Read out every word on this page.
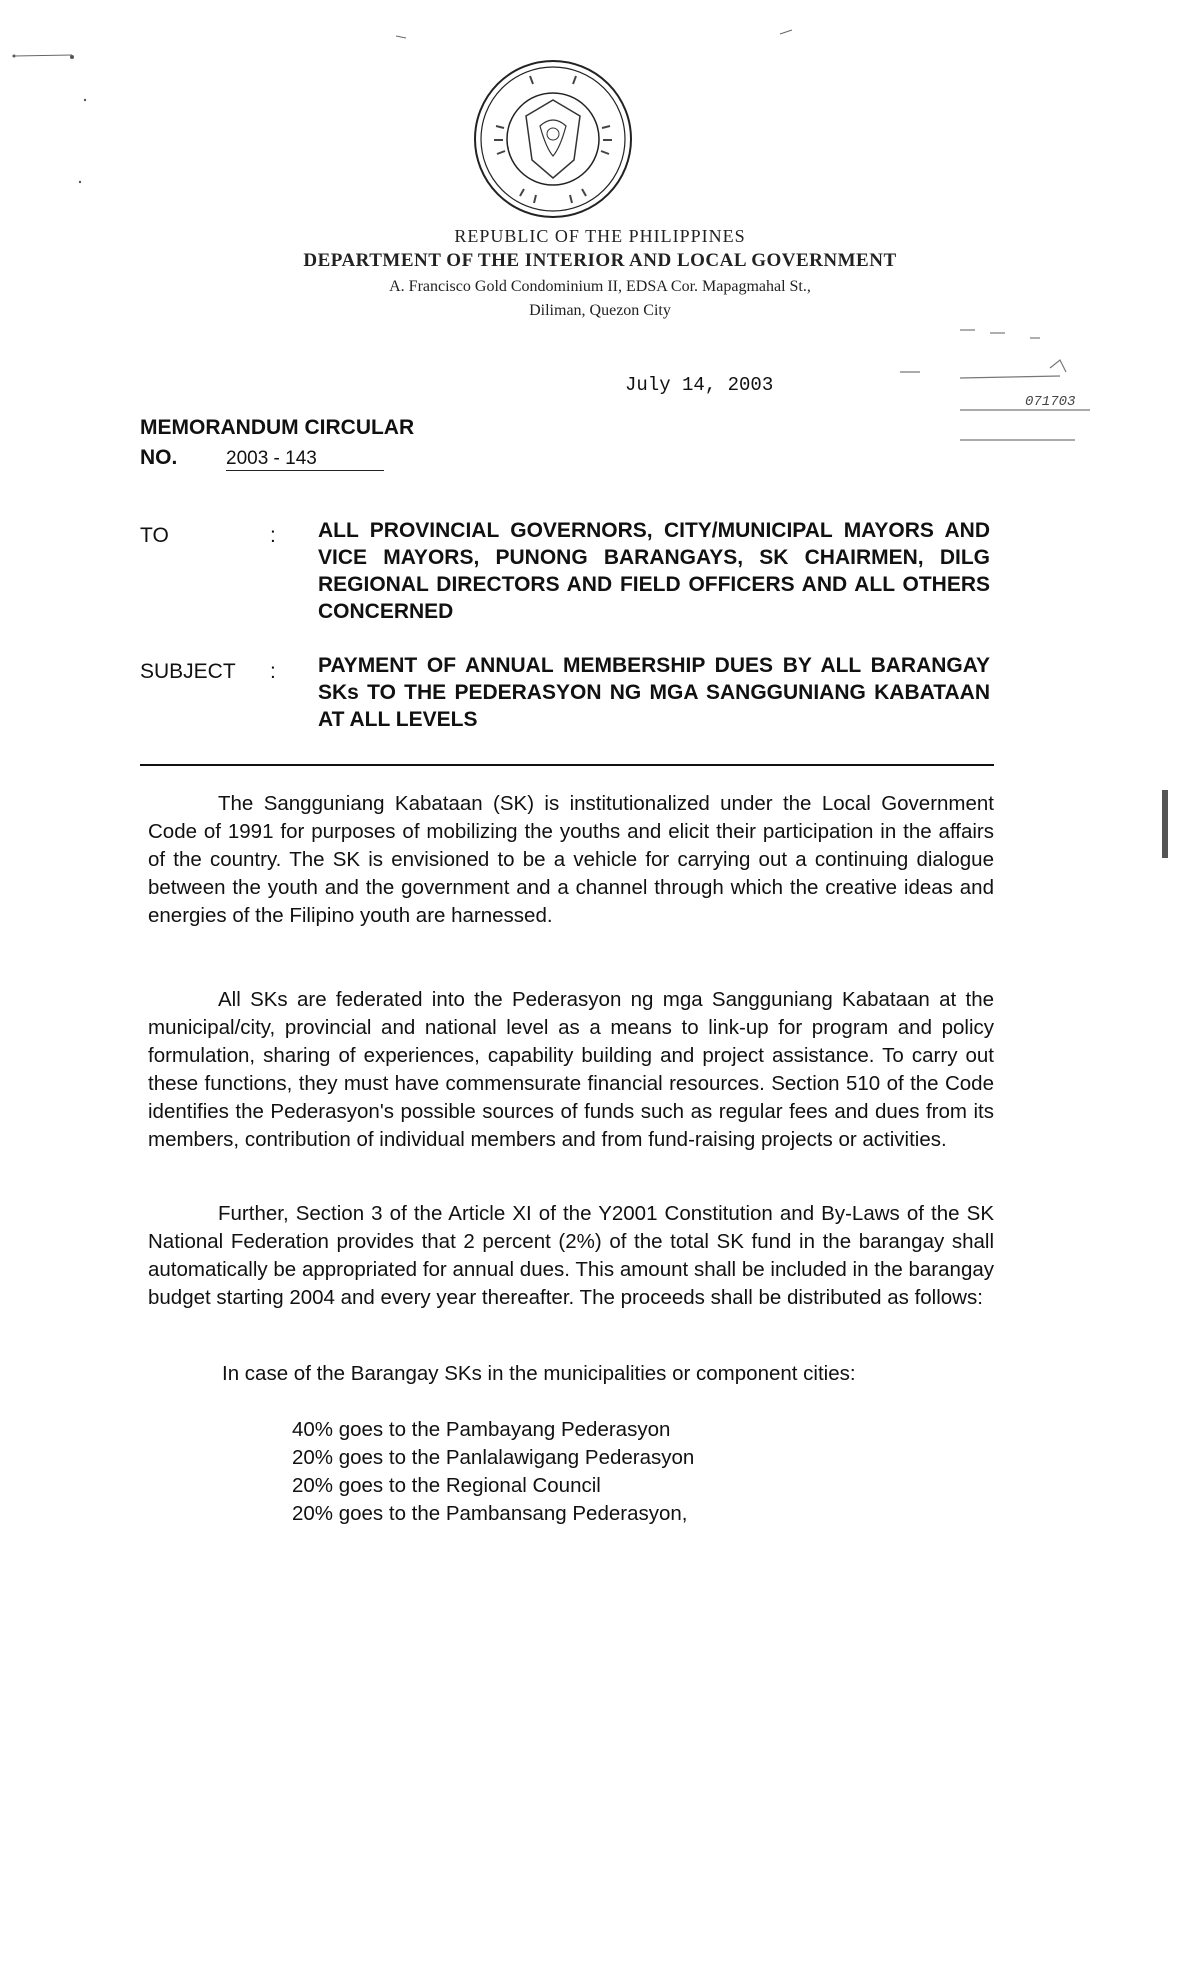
REPUBLIC OF THE PHILIPPINES
DEPARTMENT OF THE INTERIOR AND LOCAL GOVERNMENT
A. Francisco Gold Condominium II, EDSA Cor. Mapagmahal St.,
Diliman, Quezon City
July 14, 2003
MEMORANDUM CIRCULAR
NO.	2003 - 143
TO	: ALL PROVINCIAL GOVERNORS, CITY/MUNICIPAL MAYORS AND VICE MAYORS, PUNONG BARANGAYS, SK CHAIRMEN, DILG REGIONAL DIRECTORS AND FIELD OFFICERS AND ALL OTHERS CONCERNED
SUBJECT : PAYMENT OF ANNUAL MEMBERSHIP DUES BY ALL BARANGAY SKs TO THE PEDERASYON NG MGA SANGGUNIANG KABATAAN AT ALL LEVELS

The Sangguniang Kabataan (SK) is institutionalized under the Local Government Code of 1991 for purposes of mobilizing the youths and elicit their participation in the affairs of the country. The SK is envisioned to be a vehicle for carrying out a continuing dialogue between the youth and the government and a channel through which the creative ideas and energies of the Filipino youth are harnessed.

All SKs are federated into the Pederasyon ng mga Sangguniang Kabataan at the municipal/city, provincial and national level as a means to link-up for program and policy formulation, sharing of experiences, capability building and project assistance. To carry out these functions, they must have commensurate financial resources. Section 510 of the Code identifies the Pederasyon's possible sources of funds such as regular fees and dues from its members, contribution of individual members and from fund-raising projects or activities.

Further, Section 3 of the Article XI of the Y2001 Constitution and By-Laws of the SK National Federation provides that 2 percent (2%) of the total SK fund in the barangay shall automatically be appropriated for annual dues. This amount shall be included in the barangay budget starting 2004 and every year thereafter. The proceeds shall be distributed as follows:

In case of the Barangay SKs in the municipalities or component cities:
40% goes to the Pambayang Pederasyon
20% goes to the Panlalawigang Pederasyon
20% goes to the Regional Council
20% goes to the Pambansang Pederasyon,
071703
